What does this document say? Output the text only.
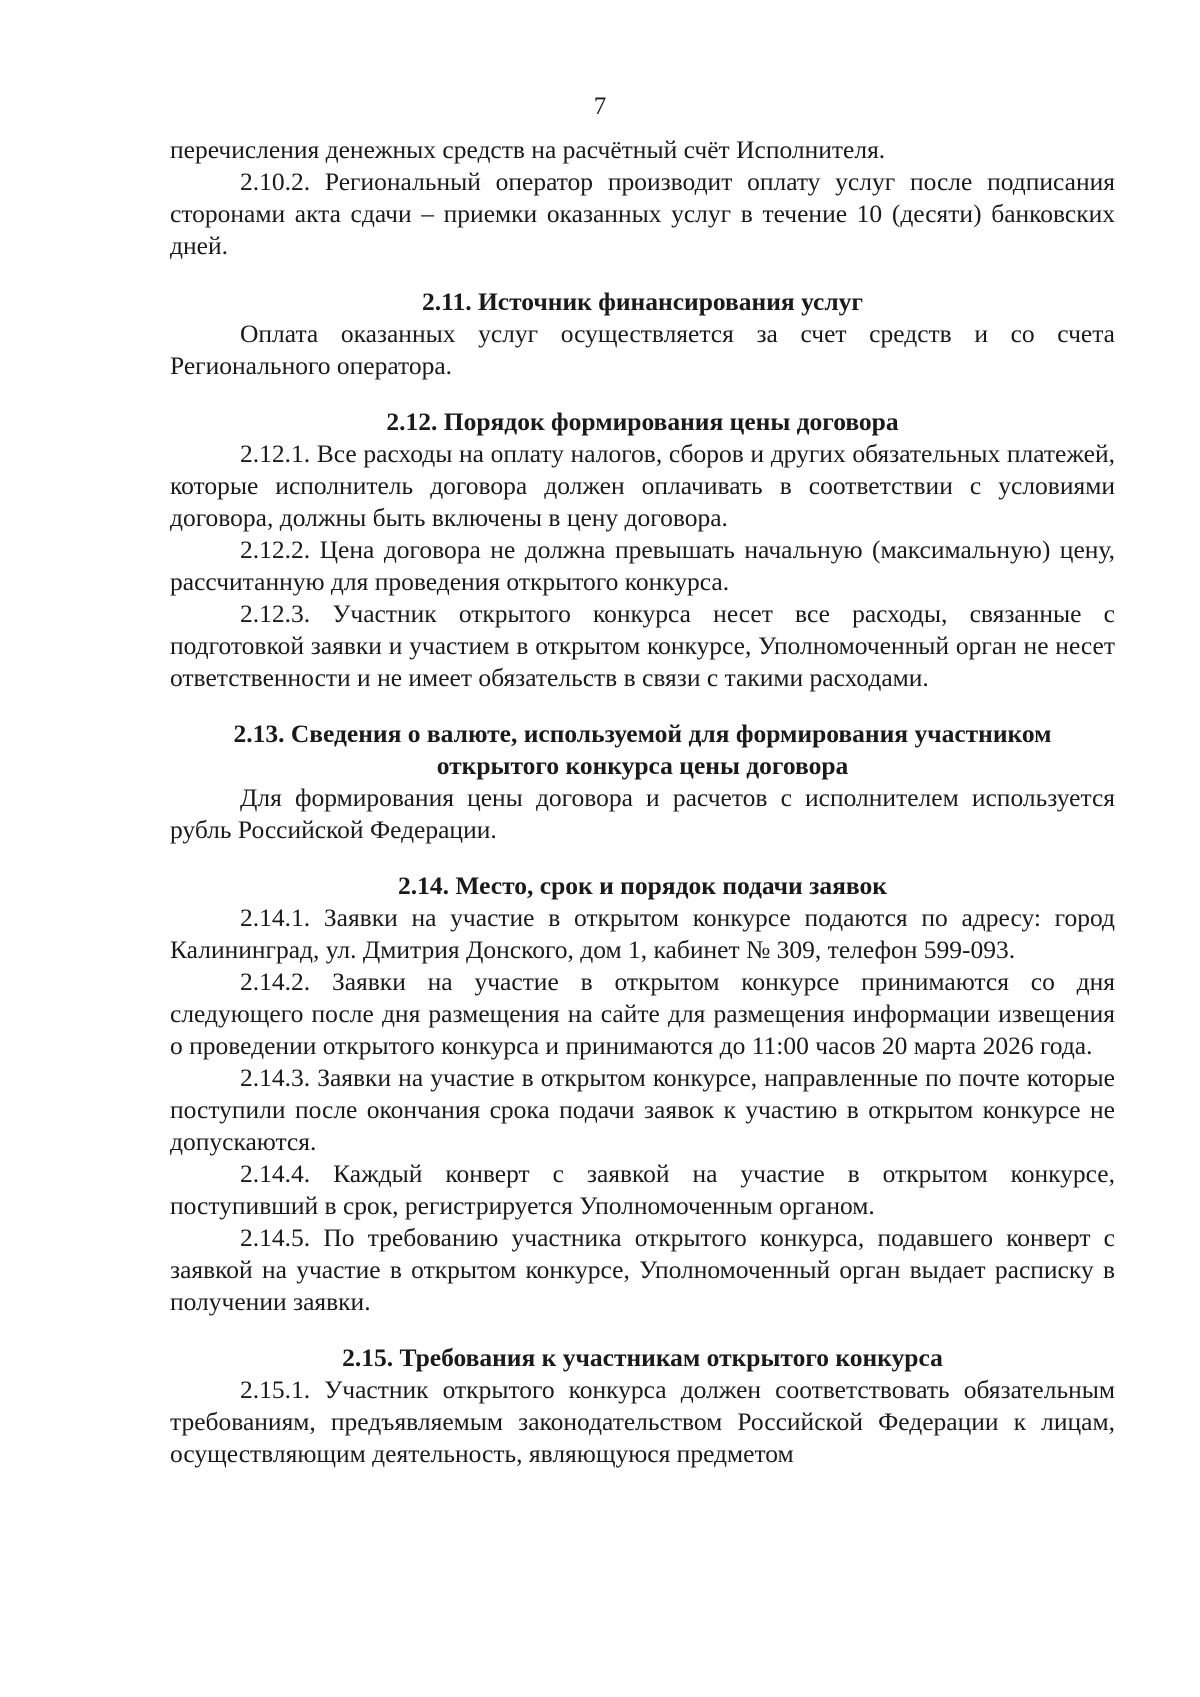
7

перечисления денежных средств на расчётный счёт Исполнителя.

2.10.2. Региональный оператор производит оплату услуг после подписания сторонами акта сдачи – приемки оказанных услуг в течение 10 (десяти) банковских дней.

2.11. Источник финансирования услуг

Оплата оказанных услуг осуществляется за счет средств и со счета Регионального оператора.

2.12. Порядок формирования цены договора

2.12.1. Все расходы на оплату налогов, сборов и других обязательных платежей, которые исполнитель договора должен оплачивать в соответствии с условиями договора, должны быть включены в цену договора.

2.12.2. Цена договора не должна превышать начальную (максимальную) цену, рассчитанную для проведения открытого конкурса.

2.12.3. Участник открытого конкурса несет все расходы, связанные с подготовкой заявки и участием в открытом конкурсе, Уполномоченный орган не несет ответственности и не имеет обязательств в связи с такими расходами.

2.13. Сведения о валюте, используемой для формирования участником
открытого конкурса цены договора

Для формирования цены договора и расчетов с исполнителем используется рубль Российской Федерации.

2.14. Место, срок и порядок подачи заявок

2.14.1. Заявки на участие в открытом конкурсе подаются по адресу: город Калининград, ул. Дмитрия Донского, дом 1, кабинет № 309, телефон 599-093.

2.14.2. Заявки на участие в открытом конкурсе принимаются со дня следующего после дня размещения на сайте для размещения информации извещения о проведении открытого конкурса и принимаются до 11:00 часов 20 марта 2026 года.

2.14.3. Заявки на участие в открытом конкурсе, направленные по почте которые поступили после окончания срока подачи заявок к участию в открытом конкурсе не допускаются.

2.14.4. Каждый конверт с заявкой на участие в открытом конкурсе, поступивший в срок, регистрируется Уполномоченным органом.

2.14.5. По требованию участника открытого конкурса, подавшего конверт с заявкой на участие в открытом конкурсе, Уполномоченный орган выдает расписку в получении заявки.

2.15. Требования к участникам открытого конкурса

2.15.1. Участник открытого конкурса должен соответствовать обязательным требованиям, предъявляемым законодательством Российской Федерации к лицам, осуществляющим деятельность, являющуюся предметом
